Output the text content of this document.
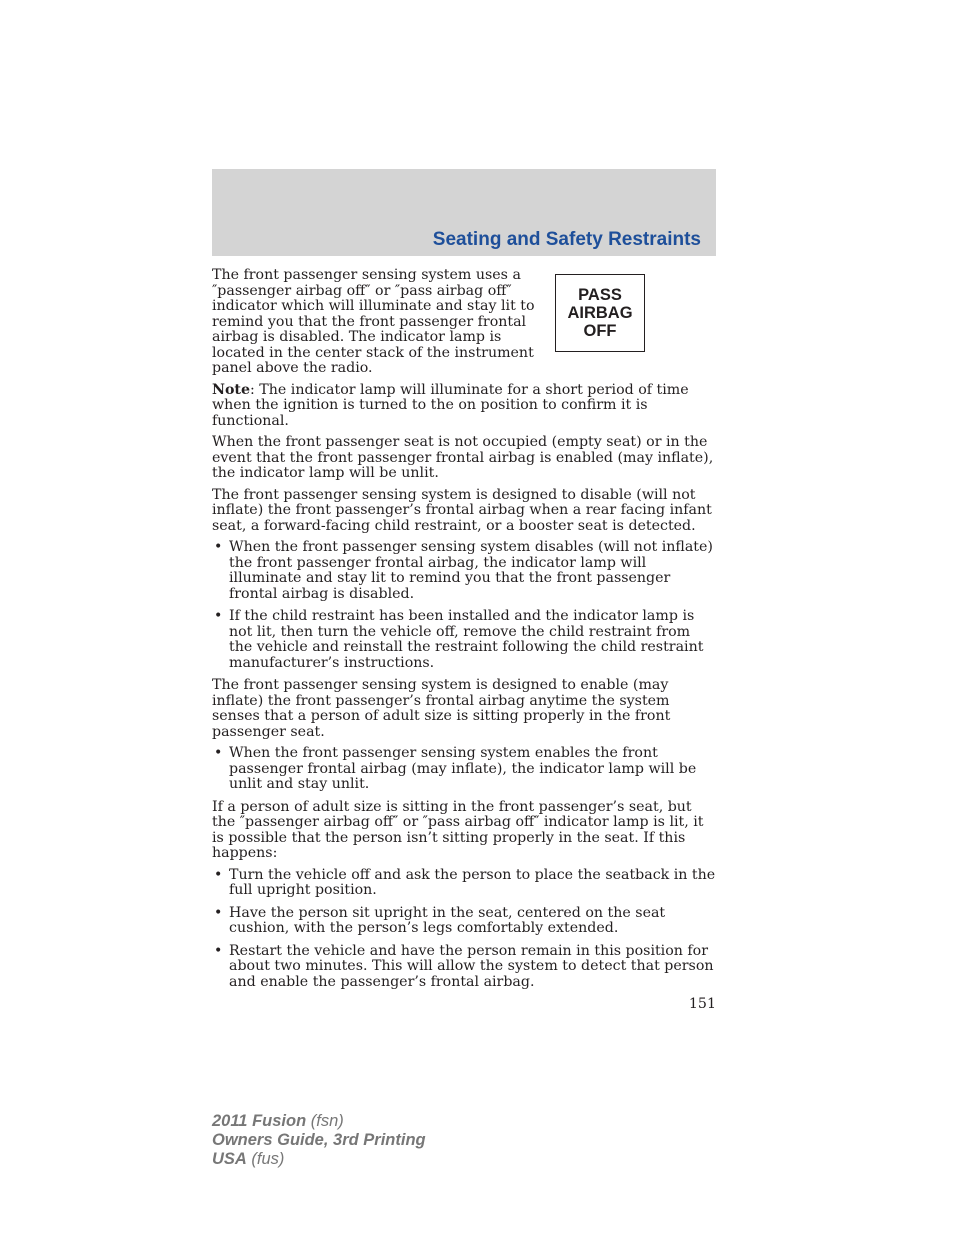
Seating and Safety Restraints
PASS
AIRBAG
OFF

The front passenger sensing system uses a ″passenger airbag off″ or ″pass airbag off″ indicator which will illuminate and stay lit to remind you that the front passenger frontal airbag is disabled. The indicator lamp is located in the center stack of the instrument panel above the radio.

Note: The indicator lamp will illuminate for a short period of time when the ignition is turned to the on position to confirm it is functional.

When the front passenger seat is not occupied (empty seat) or in the event that the front passenger frontal airbag is enabled (may inflate), the indicator lamp will be unlit.

The front passenger sensing system is designed to disable (will not inflate) the front passenger’s frontal airbag when a rear facing infant seat, a forward-facing child restraint, or a booster seat is detected.

• When the front passenger sensing system disables (will not inflate) the front passenger frontal airbag, the indicator lamp will illuminate and stay lit to remind you that the front passenger frontal airbag is disabled.
• If the child restraint has been installed and the indicator lamp is not lit, then turn the vehicle off, remove the child restraint from the vehicle and reinstall the restraint following the child restraint manufacturer’s instructions.

The front passenger sensing system is designed to enable (may inflate) the front passenger’s frontal airbag anytime the system senses that a person of adult size is sitting properly in the front passenger seat.

• When the front passenger sensing system enables the front passenger frontal airbag (may inflate), the indicator lamp will be unlit and stay unlit.

If a person of adult size is sitting in the front passenger’s seat, but the ″passenger airbag off″ or ″pass airbag off″ indicator lamp is lit, it is possible that the person isn’t sitting properly in the seat. If this happens:

• Turn the vehicle off and ask the person to place the seatback in the full upright position.
• Have the person sit upright in the seat, centered on the seat cushion, with the person’s legs comfortably extended.
• Restart the vehicle and have the person remain in this position for about two minutes. This will allow the system to detect that person and enable the passenger’s frontal airbag.
151
2011 Fusion (fsn)
Owners Guide, 3rd Printing
USA (fus)
